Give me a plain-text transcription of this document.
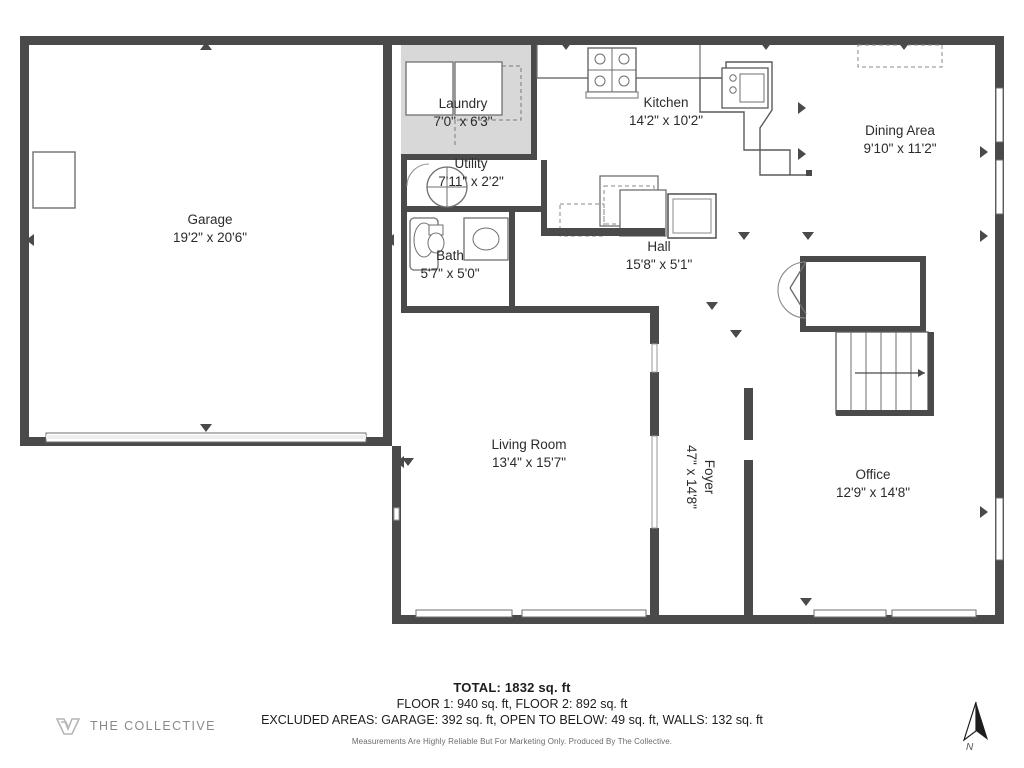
Garage
19'2" x 20'6"
Laundry
7'0" x 6'3"
Kitchen
14'2" x 10'2"
Dining Area
9'10" x 11'2"
Utility
7'11" x 2'2"
Bath
5'7" x 5'0"
Hall
15'8" x 5'1"
Living Room
13'4" x 15'7"	Foyer
47" x 14'8"	Office
12'9" x 14'8"
TOTAL: 1832 sq. ft
FLOOR 1: 940 sq. ft, FLOOR 2: 892 sq. ft
EXCLUDED AREAS: GARAGE: 392 sq. ft, OPEN TO BELOW: 49 sq. ft, WALLS: 132 sq. ft
Measurements Are Highly Reliable But For Marketing Only. Produced By The Collective.
THE COLLECTIVE
N
